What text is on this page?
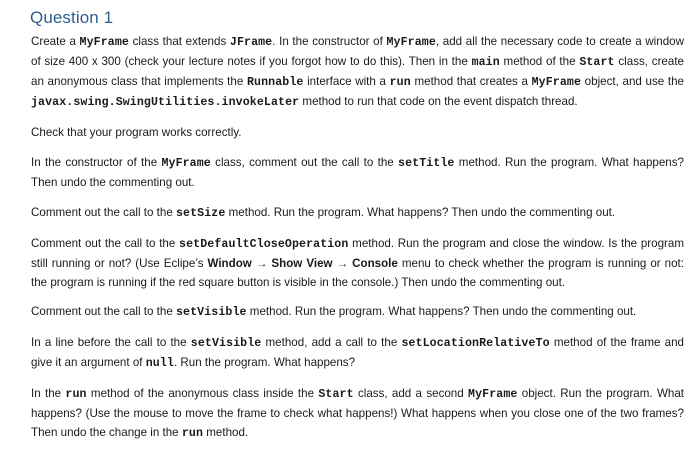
Question 1

Create a MyFrame class that extends JFrame. In the constructor of MyFrame, add all the necessary code to create a window of size 400 x 300 (check your lecture notes if you forgot how to do this). Then in the main method of the Start class, create an anonymous class that implements the Runnable interface with a run method that creates a MyFrame object, and use the javax.swing.SwingUtilities.invokeLater method to run that code on the event dispatch thread.

Check that your program works correctly.

In the constructor of the MyFrame class, comment out the call to the setTitle method. Run the program. What happens? Then undo the commenting out.

Comment out the call to the setSize method. Run the program. What happens? Then undo the commenting out.

Comment out the call to the setDefaultCloseOperation method. Run the program and close the window. Is the program still running or not? (Use Eclipe’s Window → Show View → Console menu to check whether the program is running or not: the program is running if the red square button is visible in the console.) Then undo the commenting out.

Comment out the call to the setVisible method. Run the program. What happens? Then undo the commenting out.

In a line before the call to the setVisible method, add a call to the setLocationRelativeTo method of the frame and give it an argument of null. Run the program. What happens?

In the run method of the anonymous class inside the Start class, add a second MyFrame object. Run the program. What happens? (Use the mouse to move the frame to check what happens!) What happens when you close one of the two frames? Then undo the change in the run method.
